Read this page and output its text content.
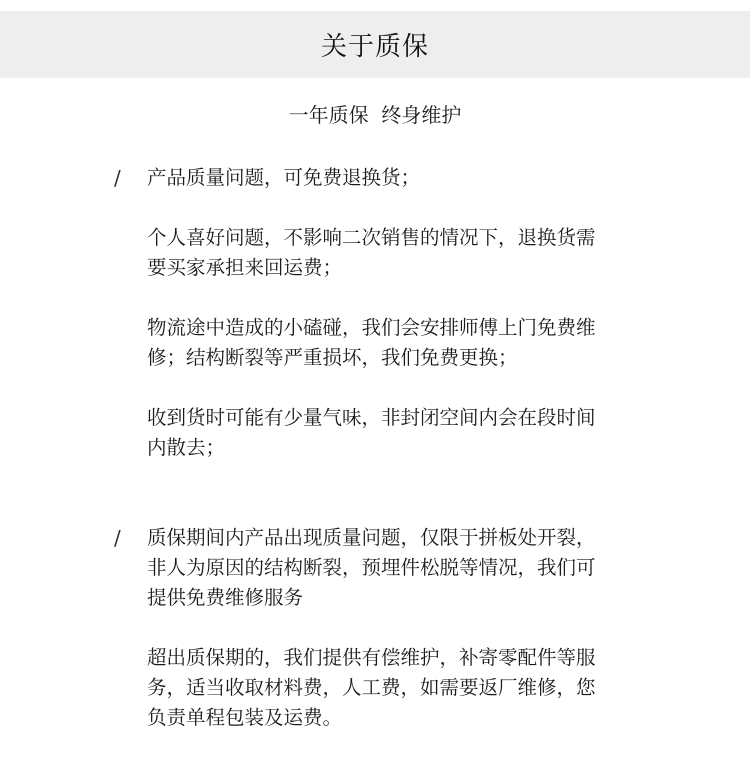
关于质保
一年质保  终身维护
/ 产品质量问题，可免费退换货；
个人喜好问题，不影响二次销售的情况下，退换货需
要买家承担来回运费；
物流途中造成的小磕碰，我们会安排师傅上门免费维
修；结构断裂等严重损坏，我们免费更换；
收到货时可能有少量气味，非封闭空间内会在段时间
内散去；
/ 质保期间内产品出现质量问题，仅限于拼板处开裂，
非人为原因的结构断裂，预埋件松脱等情况，我们可
提供免费维修服务
超出质保期的，我们提供有偿维护，补寄零配件等服
务，适当收取材料费，人工费，如需要返厂维修，您
负责单程包装及运费。
